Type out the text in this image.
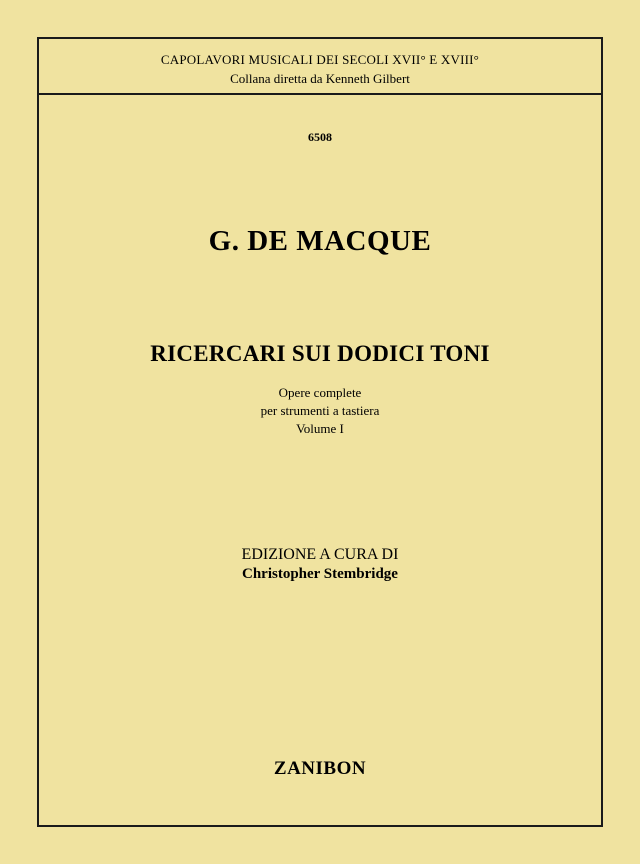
CAPOLAVORI MUSICALI DEI SECOLI XVII° E XVIII°
Collana diretta da Kenneth Gilbert
6508
G. DE MACQUE
RICERCARI SUI DODICI TONI
Opere complete
per strumenti a tastiera
Volume I
EDIZIONE A CURA DI
Christopher Stembridge
ZANIBON
